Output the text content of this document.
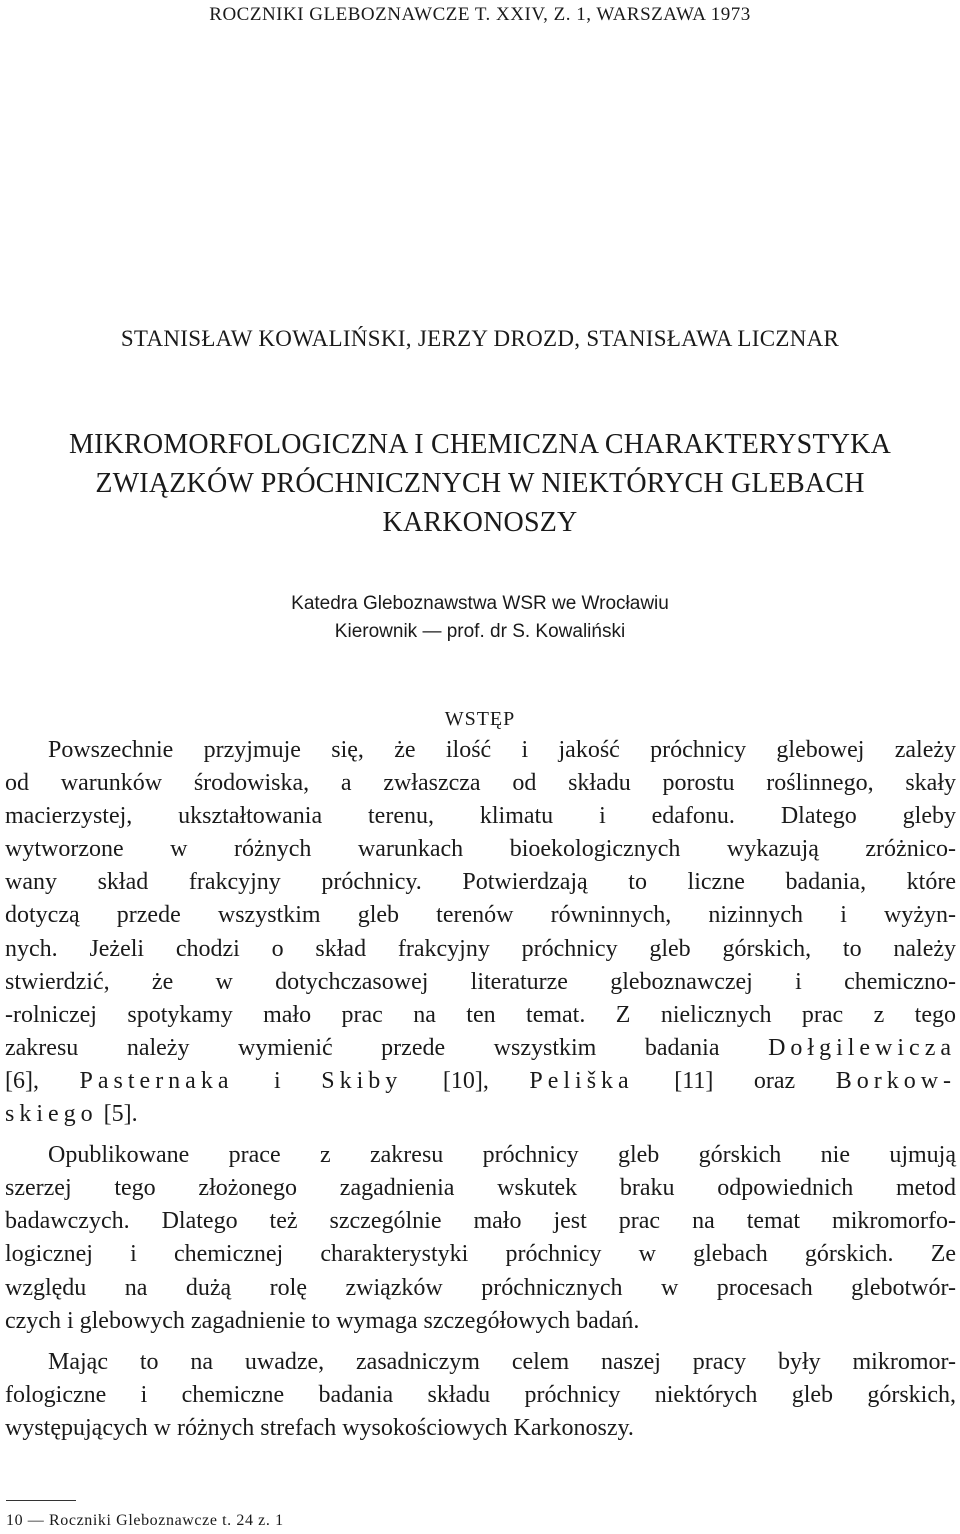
ROCZNIKI GLEBOZNAWCZE T. XXIV, Z. 1, WARSZAWA 1973
STANISŁAW KOWALIŃSKI, JERZY DROZD, STANISŁAWA LICZNAR
MIKROMORFOLOGICZNA I CHEMICZNA CHARAKTERYSTYKA
ZWIĄZKÓW PRÓCHNICZNYCH W NIEKTÓRYCH GLEBACH
KARKONOSZY
Katedra Gleboznawstwa WSR we Wrocławiu
Kierownik — prof. dr S. Kowaliński
WSTĘP
Powszechnie przyjmuje się, że ilość i jakość próchnicy glebowej zależy
od warunków środowiska, a zwłaszcza od składu porostu roślinnego, skały
macierzystej, ukształtowania terenu, klimatu i edafonu. Dlatego gleby
wytworzone w różnych warunkach bioekologicznych wykazują zróżnico-
wany skład frakcyjny próchnicy. Potwierdzają to liczne badania, które
dotyczą przede wszystkim gleb terenów równinnych, nizinnych i wyżyn-
nych. Jeżeli chodzi o skład frakcyjny próchnicy gleb górskich, to należy
stwierdzić, że w dotychczasowej literaturze gleboznawczej i chemiczno-
-rolniczej spotykamy mało prac na ten temat. Z nielicznych prac z tego
zakresu należy wymienić przede wszystkim badania Dołgilewicza
[6], Pasternaka i Skiby [10], Peliška [11] oraz Borkow-
skiego [5].
Opublikowane prace z zakresu próchnicy gleb górskich nie ujmują
szerzej tego złożonego zagadnienia wskutek braku odpowiednich metod
badawczych. Dlatego też szczególnie mało jest prac na temat mikromorfo-
logicznej i chemicznej charakterystyki próchnicy w glebach górskich. Ze
względu na dużą rolę związków próchnicznych w procesach glebotwór-
czych i glebowych zagadnienie to wymaga szczegółowych badań.
Mając to na uwadze, zasadniczym celem naszej pracy były mikromor-
fologiczne i chemiczne badania składu próchnicy niektórych gleb górskich,
występujących w różnych strefach wysokościowych Karkonoszy.
10 — Roczniki Gleboznawcze t. 24 z. 1
